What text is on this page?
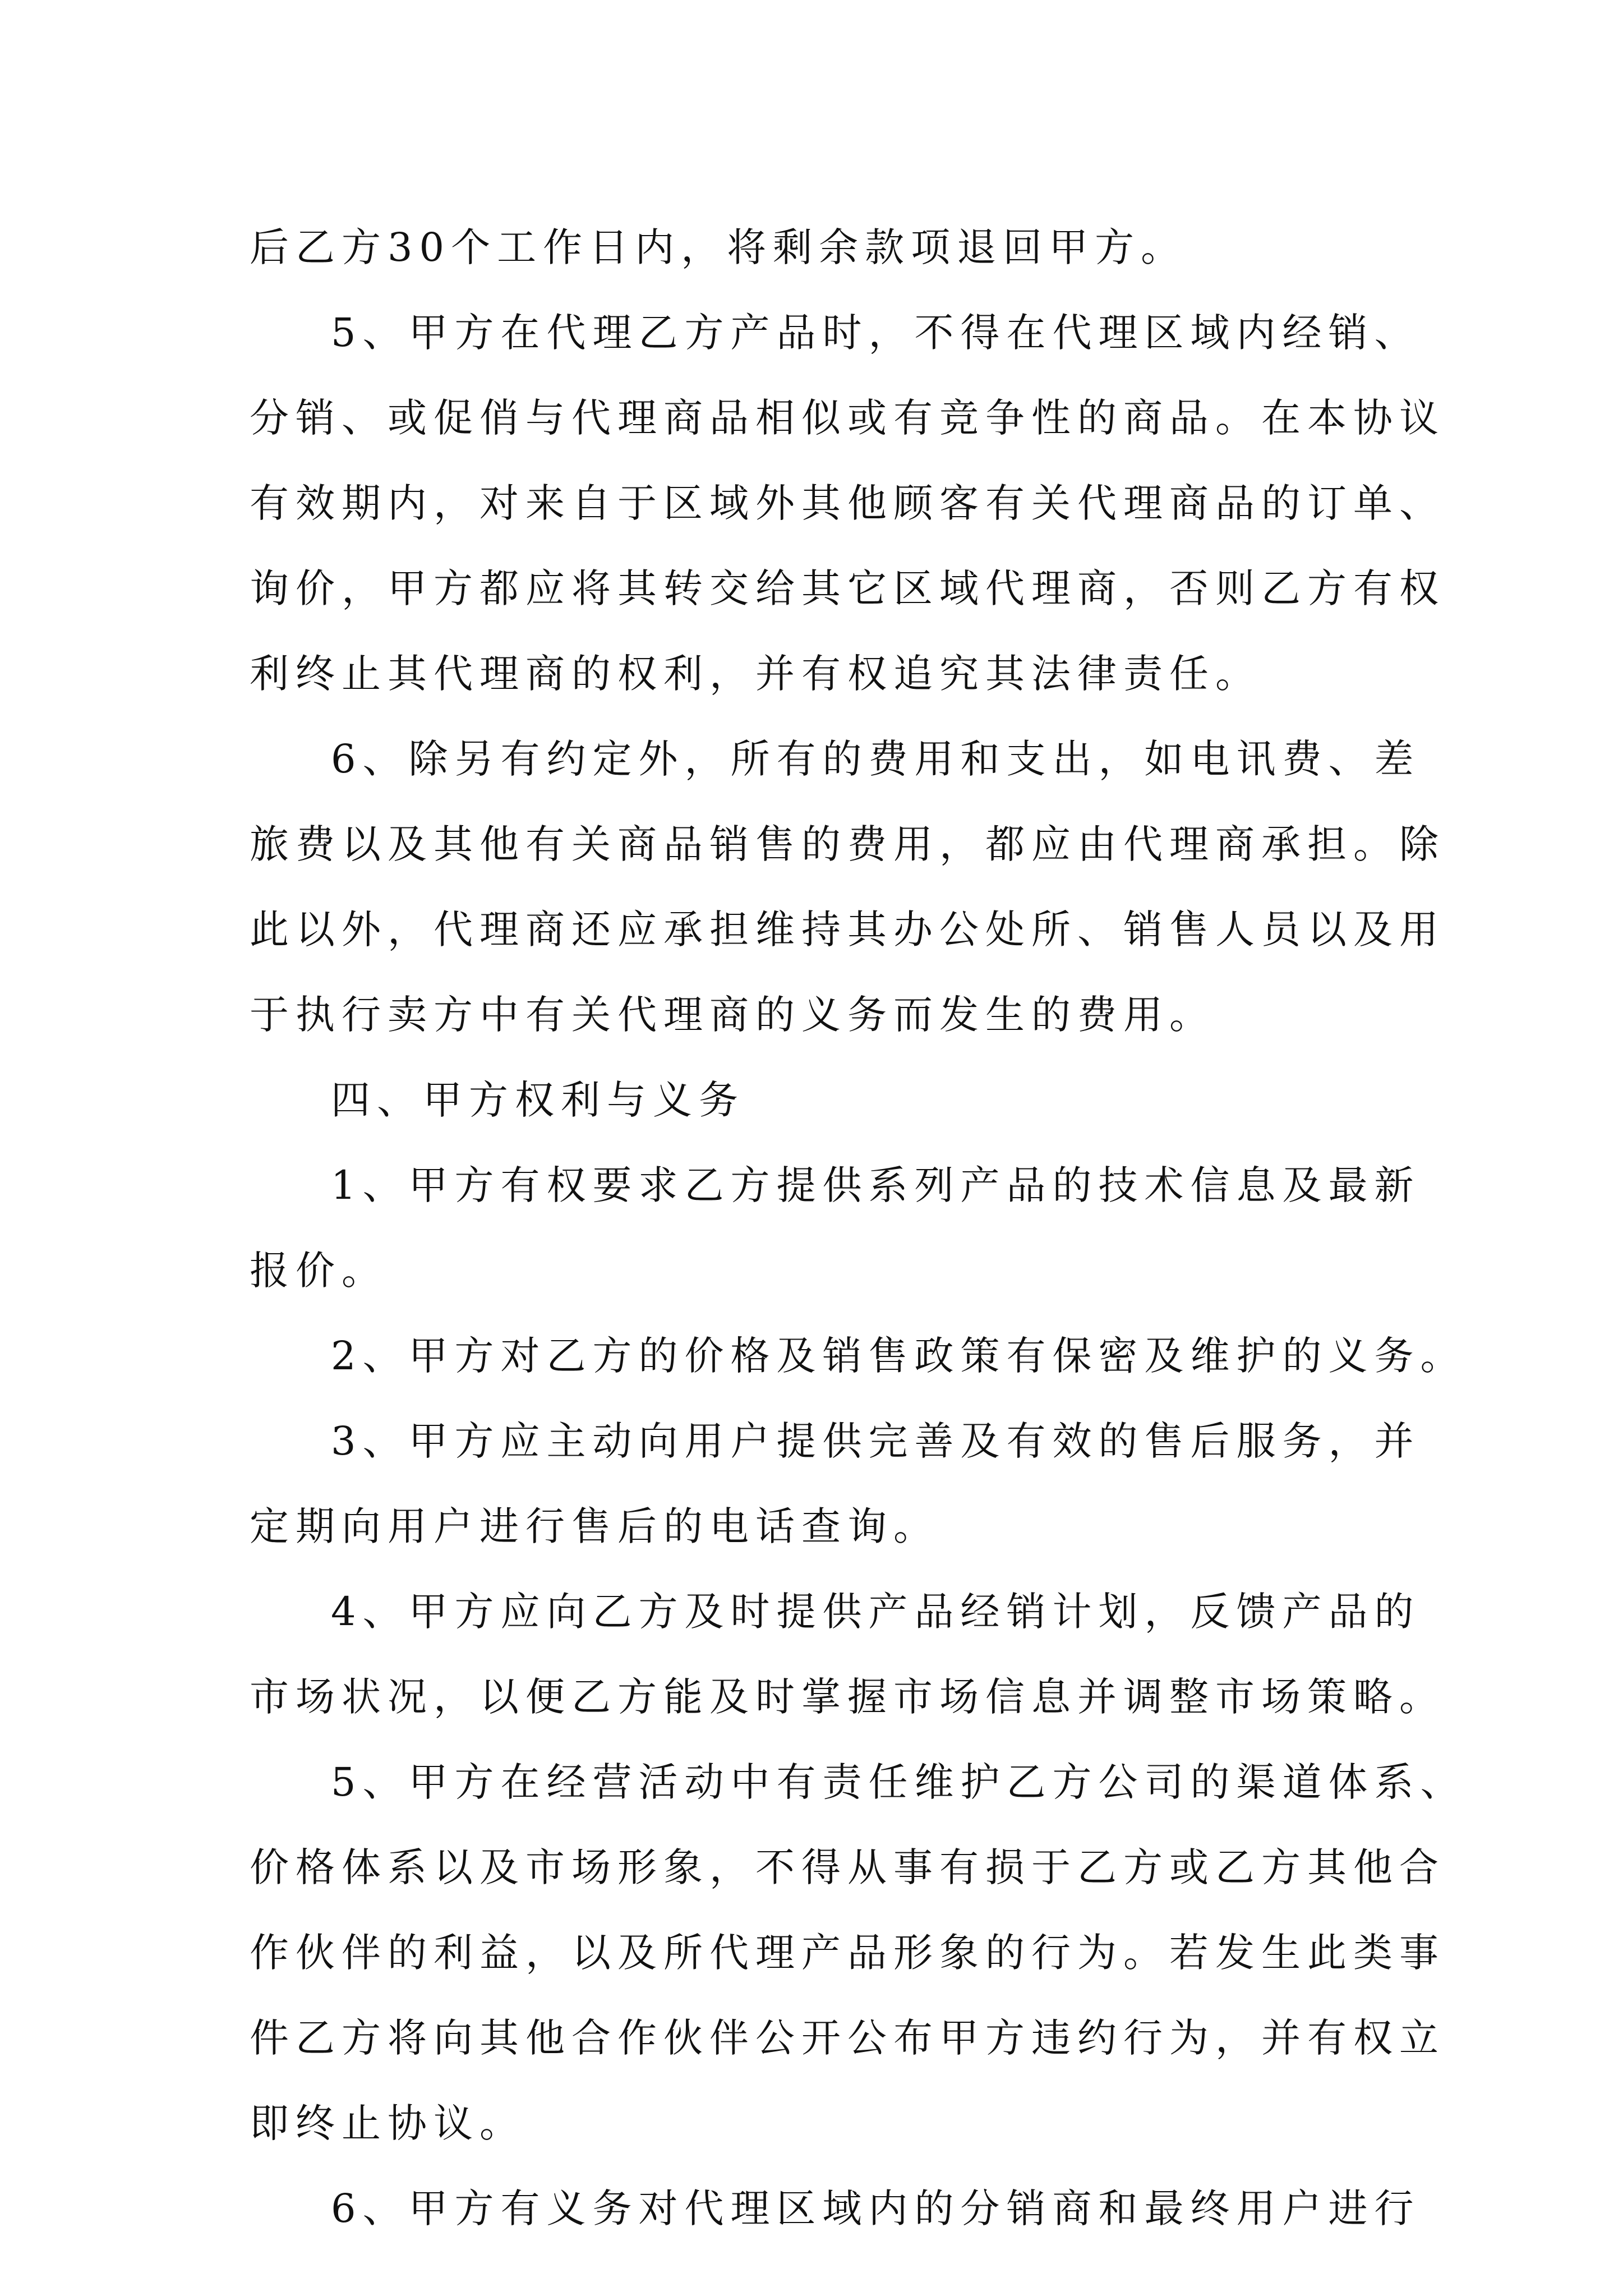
后乙方30个工作日内，将剩余款项退回甲方。

5、甲方在代理乙方产品时，不得在代理区域内经销、

分销、或促俏与代理商品相似或有竞争性的商品。在本协议

有效期内，对来自于区域外其他顾客有关代理商品的订单、

询价，甲方都应将其转交给其它区域代理商，否则乙方有权

利终止其代理商的权利，并有权追究其法律责任。

6、除另有约定外，所有的费用和支出，如电讯费、差

旅费以及其他有关商品销售的费用，都应由代理商承担。除

此以外，代理商还应承担维持其办公处所、销售人员以及用

于执行卖方中有关代理商的义务而发生的费用。

四、甲方权利与义务

1、甲方有权要求乙方提供系列产品的技术信息及最新

报价。

2、甲方对乙方的价格及销售政策有保密及维护的义务。

3、甲方应主动向用户提供完善及有效的售后服务，并

定期向用户进行售后的电话查询。

4、甲方应向乙方及时提供产品经销计划，反馈产品的

市场状况，以便乙方能及时掌握市场信息并调整市场策略。

5、甲方在经营活动中有责任维护乙方公司的渠道体系、

价格体系以及市场形象，不得从事有损于乙方或乙方其他合

作伙伴的利益，以及所代理产品形象的行为。若发生此类事

件乙方将向其他合作伙伴公开公布甲方违约行为，并有权立

即终止协议。

6、甲方有义务对代理区域内的分销商和最终用户进行
